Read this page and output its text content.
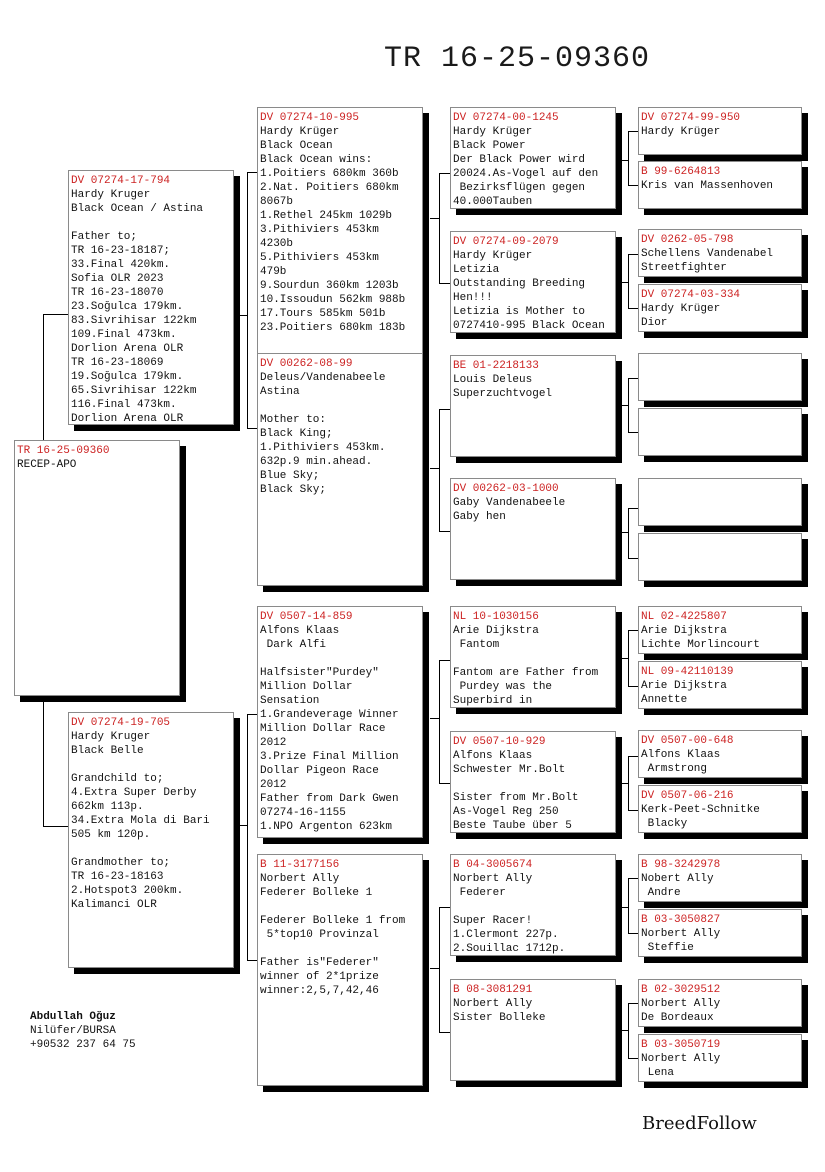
TR 16-25-09360
TR 16-25-09360
RECEP-APO
DV 07274-17-794
Hardy Kruger
Black Ocean / Astina
Father to;
TR 16-23-18187;
33.Final 420km.
Sofia OLR 2023
TR 16-23-18070
23.Soğulca 179km.
83.Sivrihisar 122km
109.Final 473km.
Dorlion Arena OLR
TR 16-23-18069
19.Soğulca 179km.
65.Sivrihisar 122km
116.Final 473km.
Dorlion Arena OLR
DV 07274-19-705
Hardy Kruger
Black Belle
Grandchild to;
4.Extra Super Derby
662km 113p.
34.Extra Mola di Bari
505 km 120p.
Grandmother to;
TR 16-23-18163
2.Hotspot3 200km.
Kalimanci OLR
DV 07274-10-995
Hardy Krüger
Black Ocean
Black Ocean wins:
1.Poitiers 680km 360b
2.Nat. Poitiers 680km
8067b
1.Rethel 245km 1029b
3.Pithiviers 453km
4230b
5.Pithiviers 453km
479b
9.Sourdun 360km 1203b
10.Issoudun 562km 988b
17.Tours 585km 501b
23.Poitiers 680km 183b
DV 00262-08-99
Deleus/Vandenabeele
Astina
Mother to:
Black King;
1.Pithiviers 453km.
632p.9 min.ahead.
Blue Sky;
Black Sky;
DV 0507-14-859
Alfons Klaas
Dark Alfi
Halfsister"Purdey"
Million Dollar
Sensation
1.Grandeverage Winner
Million Dollar Race
2012
3.Prize Final Million
Dollar Pigeon Race
2012
Father from Dark Gwen
07274-16-1155
1.NPO Argenton 623km
B 11-3177156
Norbert Ally
Federer Bolleke 1
Federer Bolleke 1 from
5*top10 Provinzal
Father is"Federer"
winner of 2*1prize
winner:2,5,7,42,46
DV 07274-00-1245
Hardy Krüger
Black Power
Der Black Power wird
20024.As-Vogel auf den
Bezirksflügen gegen
40.000Tauben
DV 07274-09-2079
Hardy Krüger
Letizia
Outstanding Breeding
Hen!!!
Letizia is Mother to
0727410-995 Black Ocean
BE 01-2218133
Louis Deleus
Superzuchtvogel
DV 00262-03-1000
Gaby Vandenabeele
Gaby hen
NL 10-1030156
Arie Dijkstra
Fantom
Fantom are Father from
Purdey was the
Superbird in
DV 0507-10-929
Alfons Klaas
Schwester Mr.Bolt
Sister from Mr.Bolt
As-Vogel Reg 250
Beste Taube über 5
B 04-3005674
Norbert Ally
Federer
Super Racer!
1.Clermont 227p.
2.Souillac 1712p.
B 08-3081291
Norbert Ally
Sister Bolleke
DV 07274-99-950
Hardy Krüger
B 99-6264813
Kris van Massenhoven
DV 0262-05-798
Schellens Vandenabel
Streetfighter
DV 07274-03-334
Hardy Krüger
Dior
NL 02-4225807
Arie Dijkstra
Lichte Morlincourt
NL 09-42110139
Arie Dijkstra
Annette
DV 0507-00-648
Alfons Klaas
Armstrong
DV 0507-06-216
Kerk-Peet-Schnitke
Blacky
B 98-3242978
Nobert Ally
Andre
B 03-3050827
Norbert Ally
Steffie
B 02-3029512
Norbert Ally
De Bordeaux
B 03-3050719
Norbert Ally
Lena
Abdullah Oğuz
Nilüfer/BURSA
+90532 237 64 75
BreedFollow
